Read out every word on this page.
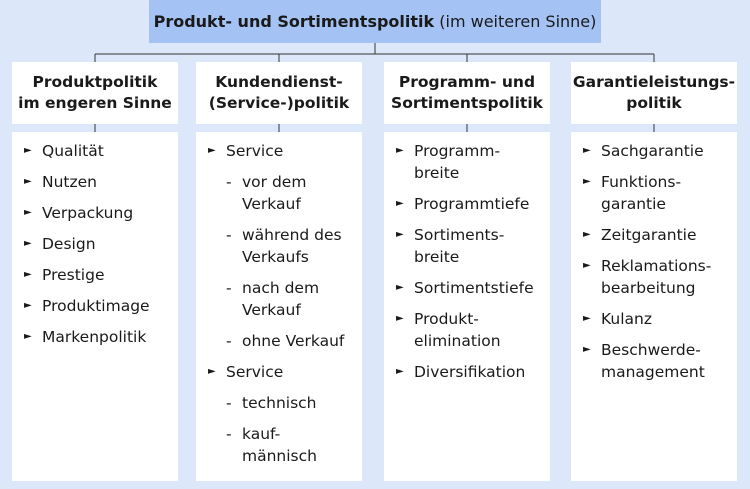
Produkt- und Sortimentspolitik
(im weiteren Sinne)
Produktpolitik
im engeren Sinne
Kundendienst-
(Service-)politik
Programm- und
Sortimentspolitik
Garantieleistungs-
politik
► Qualität
► Nutzen
► Verpackung
► Design
► Prestige
► Produktimage
► Markenpolitik
► Service
- vor dem
Verkauf
- während des
Verkaufs
- nach dem
Verkauf
- ohne Verkauf
► Service
- technisch
- kauf-
männisch
► Programm-
breite
► Programmtiefe
► Sortiments-
breite
► Sortimentstiefe
► Produkt-
elimination
► Diversifikation
► Sachgarantie
► Funktions-
garantie
► Zeitgarantie
► Reklamations-
bearbeitung
► Kulanz
► Beschwerde-
management
